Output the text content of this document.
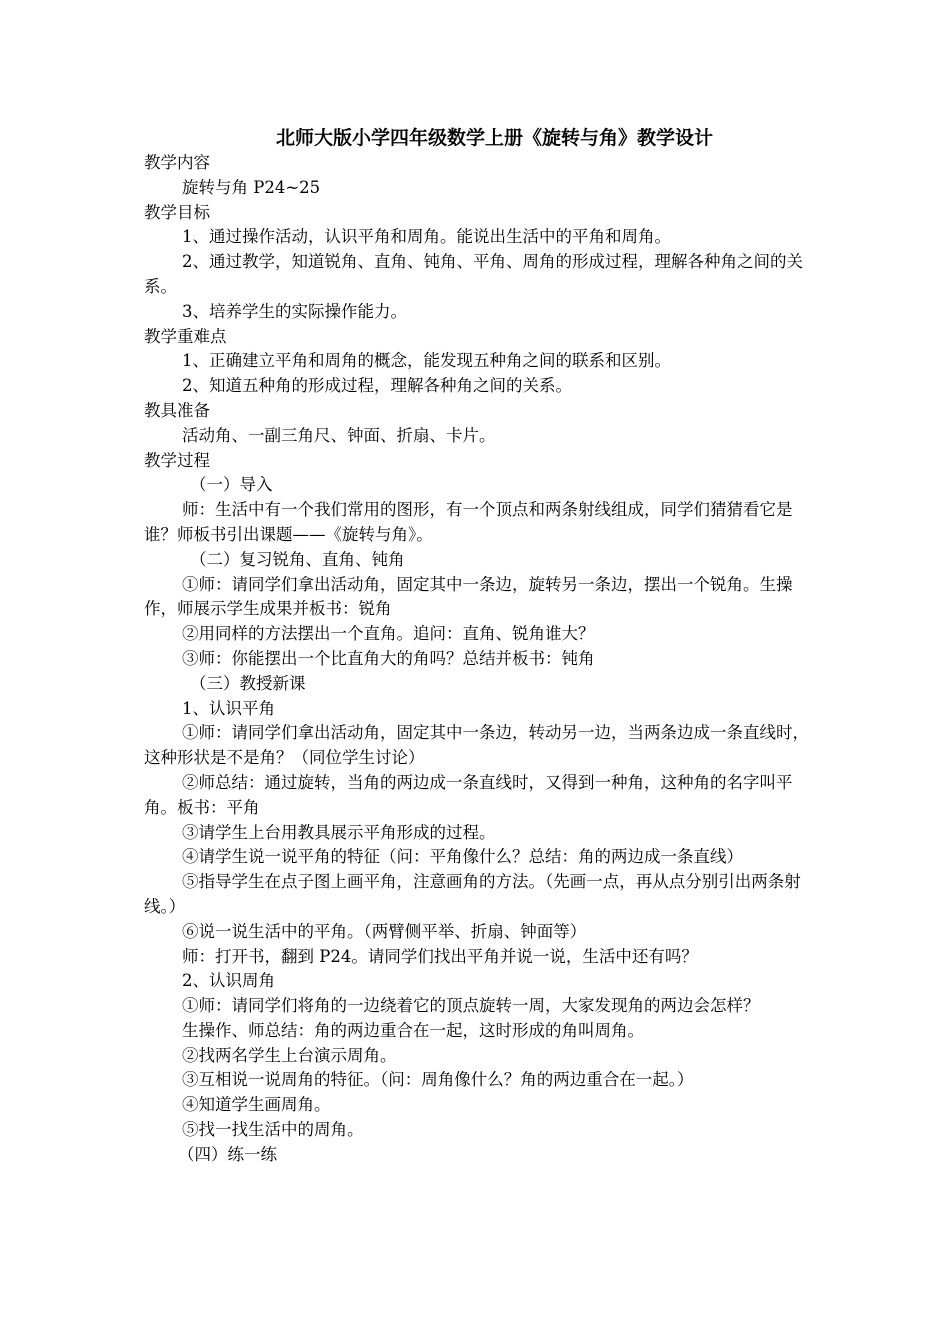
北师大版小学四年级数学上册《旋转与角》教学设计

教学内容

旋转与角 P24~25

教学目标

1、通过操作活动，认识平角和周角。能说出生活中的平角和周角。

2、通过教学，知道锐角、直角、钝角、平角、周角的形成过程，理解各种角之间的关系。

3、培养学生的实际操作能力。

教学重难点

1、正确建立平角和周角的概念，能发现五种角之间的联系和区别。

2、知道五种角的形成过程，理解各种角之间的关系。

教具准备

活动角、一副三角尺、钟面、折扇、卡片。

教学过程

（一）导入

师：生活中有一个我们常用的图形，有一个顶点和两条射线组成，同学们猜猜看它是谁？师板书引出课题——《旋转与角》。

（二）复习锐角、直角、钝角

①师：请同学们拿出活动角，固定其中一条边，旋转另一条边，摆出一个锐角。生操作，师展示学生成果并板书：锐角

②用同样的方法摆出一个直角。追问：直角、锐角谁大？

③师：你能摆出一个比直角大的角吗？总结并板书：钝角

（三）教授新课

1、认识平角

①师：请同学们拿出活动角，固定其中一条边，转动另一边，当两条边成一条直线时，这种形状是不是角？（同位学生讨论）

②师总结：通过旋转，当角的两边成一条直线时，又得到一种角，这种角的名字叫平角。板书：平角

③请学生上台用教具展示平角形成的过程。

④请学生说一说平角的特征（问：平角像什么？总结：角的两边成一条直线）

⑤指导学生在点子图上画平角，注意画角的方法。（先画一点，再从点分别引出两条射线。）

⑥说一说生活中的平角。（两臂侧平举、折扇、钟面等）

师：打开书，翻到 P24。请同学们找出平角并说一说，生活中还有吗？

2、认识周角

①师：请同学们将角的一边绕着它的顶点旋转一周，大家发现角的两边会怎样？

生操作、师总结：角的两边重合在一起，这时形成的角叫周角。

②找两名学生上台演示周角。

③互相说一说周角的特征。（问：周角像什么？角的两边重合在一起。）

④知道学生画周角。

⑤找一找生活中的周角。

（四）练一练
